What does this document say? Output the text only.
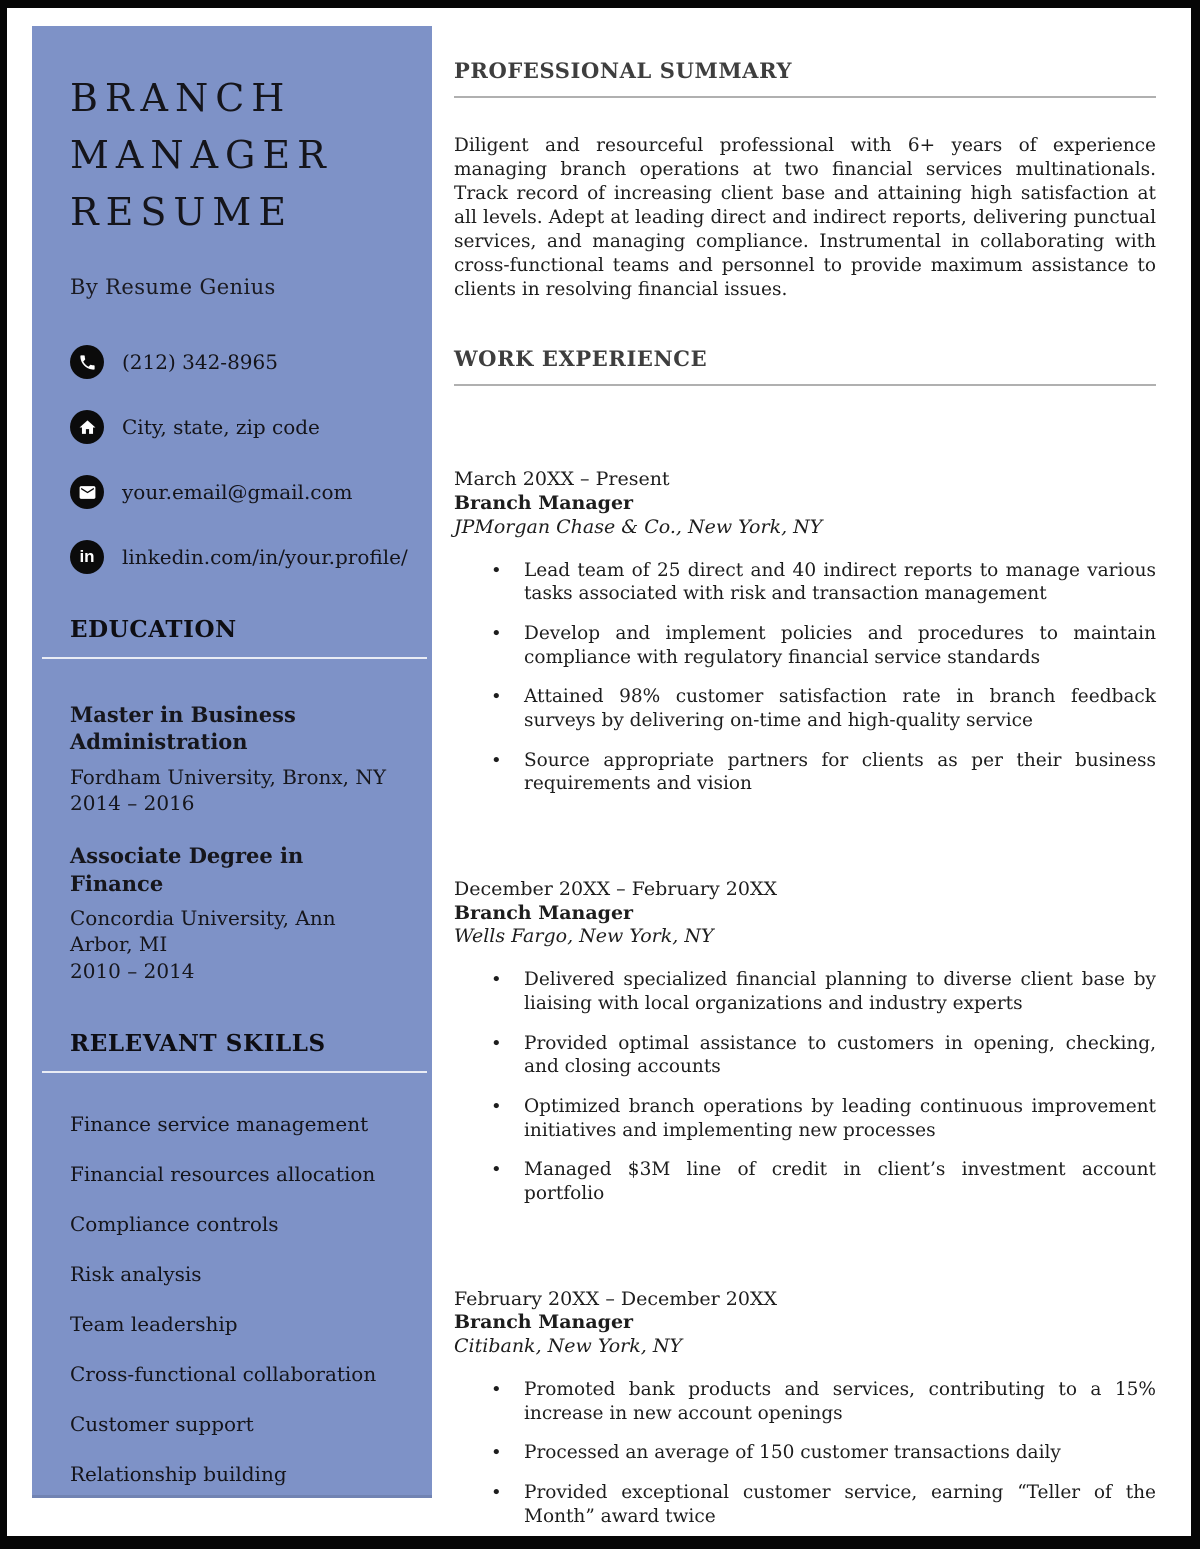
BRANCH MANAGER RESUME
By Resume Genius
(212) 342-8965
City, state, zip code
your.email@gmail.com
in linkedin.com/in/your.profile/
EDUCATION
Master in Business Administration
Fordham University, Bronx, NY
2014 – 2016
Associate Degree in Finance
Concordia University, Ann Arbor, MI
2010 – 2014
RELEVANT SKILLS
Finance service management
Financial resources allocation
Compliance controls
Risk analysis
Team leadership
Cross-functional collaboration
Customer support
Relationship building
PROFESSIONAL SUMMARY

Diligent and resourceful professional with 6+ years of experience managing branch operations at two financial services multinationals. Track record of increasing client base and attaining high satisfaction at all levels. Adept at leading direct and indirect reports, delivering punctual services, and managing compliance. Instrumental in collaborating with cross-functional teams and personnel to provide maximum assistance to clients in resolving financial issues.

WORK EXPERIENCE
March 20XX – Present
Branch Manager
JPMorgan Chase & Co., New York, NY
• Lead team of 25 direct and 40 indirect reports to manage various tasks associated with risk and transaction management
• Develop and implement policies and procedures to maintain compliance with regulatory financial service standards
• Attained 98% customer satisfaction rate in branch feedback surveys by delivering on-time and high-quality service
• Source appropriate partners for clients as per their business requirements and vision
December 20XX – February 20XX
Branch Manager
Wells Fargo, New York, NY
• Delivered specialized financial planning to diverse client base by liaising with local organizations and industry experts
• Provided optimal assistance to customers in opening, checking, and closing accounts
• Optimized branch operations by leading continuous improvement initiatives and implementing new processes
• Managed $3M line of credit in client’s investment account portfolio
February 20XX – December 20XX
Branch Manager
Citibank, New York, NY
• Promoted bank products and services, contributing to a 15% increase in new account openings
• Processed an average of 150 customer transactions daily
• Provided exceptional customer service, earning “Teller of the Month” award twice
